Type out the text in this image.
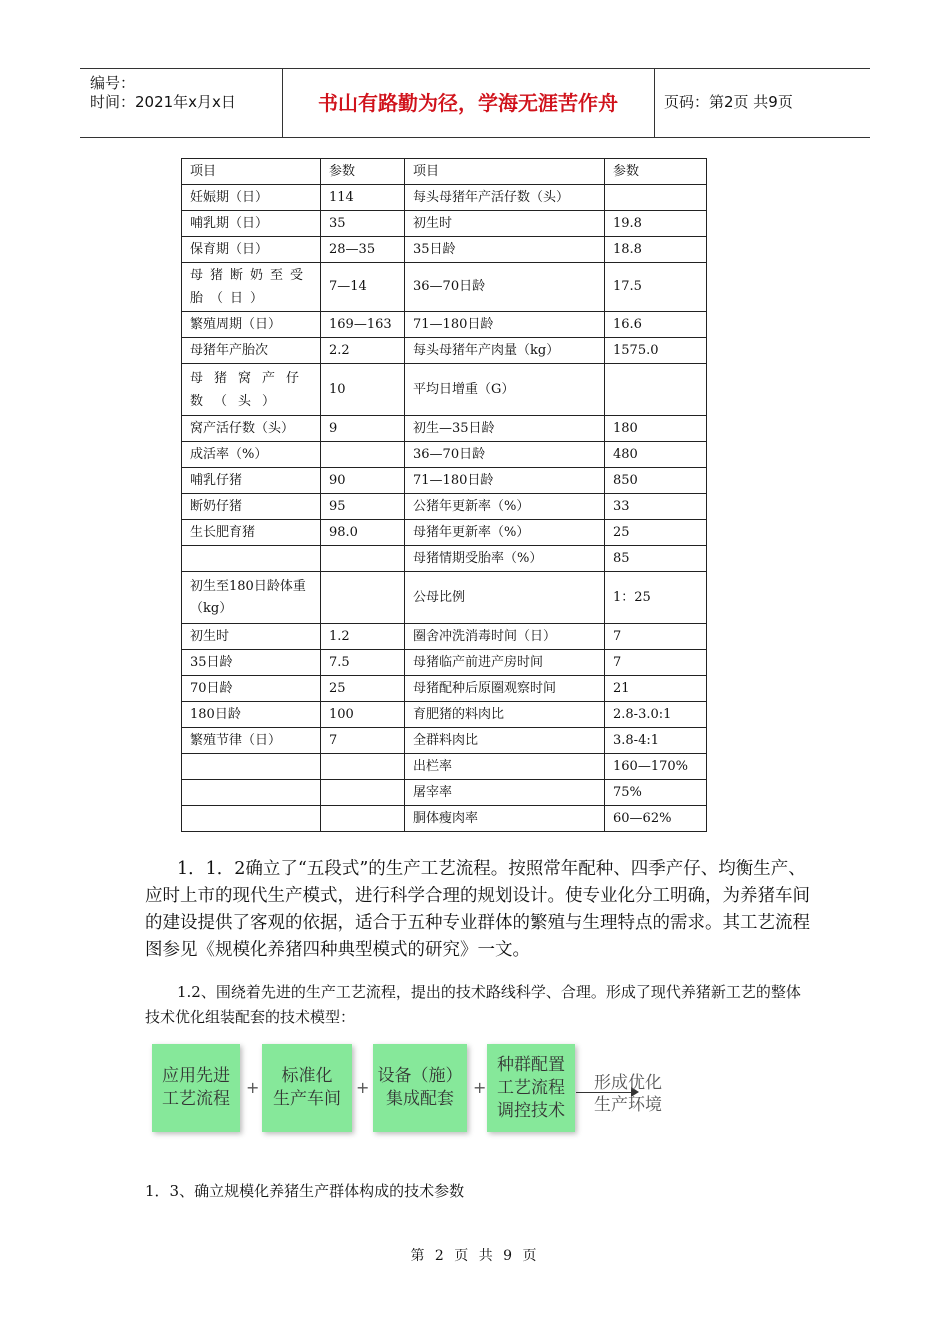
编号：
时间：2021年x月x日	书山有路勤为径，学海无涯苦作舟	页码：第2页 共9页
项目	参数	项目	参数
妊娠期（日）	114	每头母猪年产活仔数（头）	
哺乳期（日）	35	初生时	19.8
保育期（日）	28—35	35日龄	18.8
母猪断奶至受胎（日）	7—14	36—70日龄	17.5
繁殖周期（日）	169—163	71—180日龄	16.6
母猪年产胎次	2.2	每头母猪年产肉量（kg）	1575.0
母猪窝产仔数（头）	10	平均日增重（G）	
窝产活仔数（头）	9	初生—35日龄	180
成活率（%）		36—70日龄	480
哺乳仔猪	90	71—180日龄	850
断奶仔猪	95	公猪年更新率（%）	33
生长肥育猪	98.0	母猪年更新率（%）	25
		母猪情期受胎率（%）	85
初生至180日龄体重（kg）		公母比例	1：25
初生时	1.2	圈舍冲洗消毒时间（日）	7
35日龄	7.5	母猪临产前进产房时间	7
70日龄	25	母猪配种后原圈观察时间	21
180日龄	100	育肥猪的料肉比	2.8-3.0:1
繁殖节律（日）	7	全群料肉比	3.8-4:1
		出栏率	160—170%
		屠宰率	75%
		胴体瘦肉率	60—62%
1．1．2确立了“五段式”的生产工艺流程。按照常年配种、四季产仔、均衡生产、应时上市的现代生产模式，进行科学合理的规划设计。使专业化分工明确，为养猪车间的建设提供了客观的依据，适合于五种专业群体的繁殖与生理特点的需求。其工艺流程图参见《规模化养猪四种典型模式的研究》一文。
1.2、围绕着先进的生产工艺流程，提出的技术路线科学、合理。形成了现代养猪新工艺的整体技术优化组装配套的技术模型：
应用先进
工艺流程
+
标准化
生产车间
+
设备（施）
集成配套
+
种群配置
工艺流程
调控技术
形成优化
生产环境
1．3、确立规模化养猪生产群体构成的技术参数
第 2 页 共 9 页
